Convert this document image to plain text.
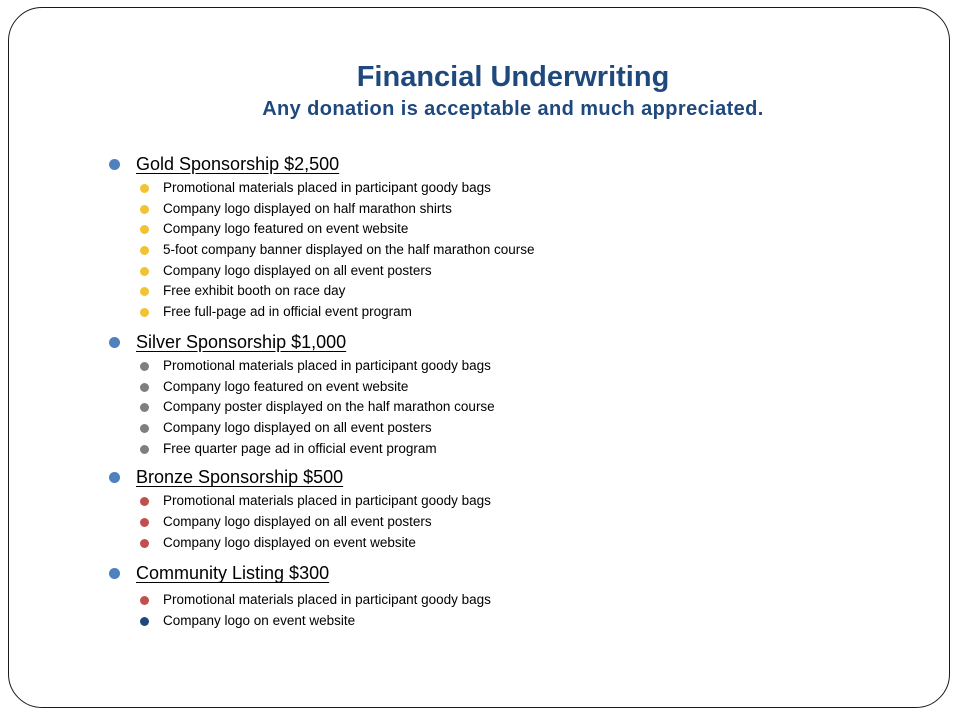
Financial Underwriting
Any donation is acceptable and much appreciated.
Gold Sponsorship $2,500
Promotional materials placed in participant goody bags
Company logo displayed on half marathon shirts
Company logo featured on event website
5-foot company banner displayed on the half marathon course
Company logo displayed on all event posters
Free exhibit booth on race day
Free full-page ad in official event program
Silver Sponsorship $1,000
Promotional materials placed in participant goody bags
Company logo featured on event website
Company poster displayed on the half marathon course
Company logo displayed on all event posters
Free quarter page ad in official event program
Bronze Sponsorship $500
Promotional materials placed in participant goody bags
Company logo displayed on all event posters
Company logo displayed on event website
Community Listing $300
Promotional materials placed in participant goody bags
Company logo on event website
